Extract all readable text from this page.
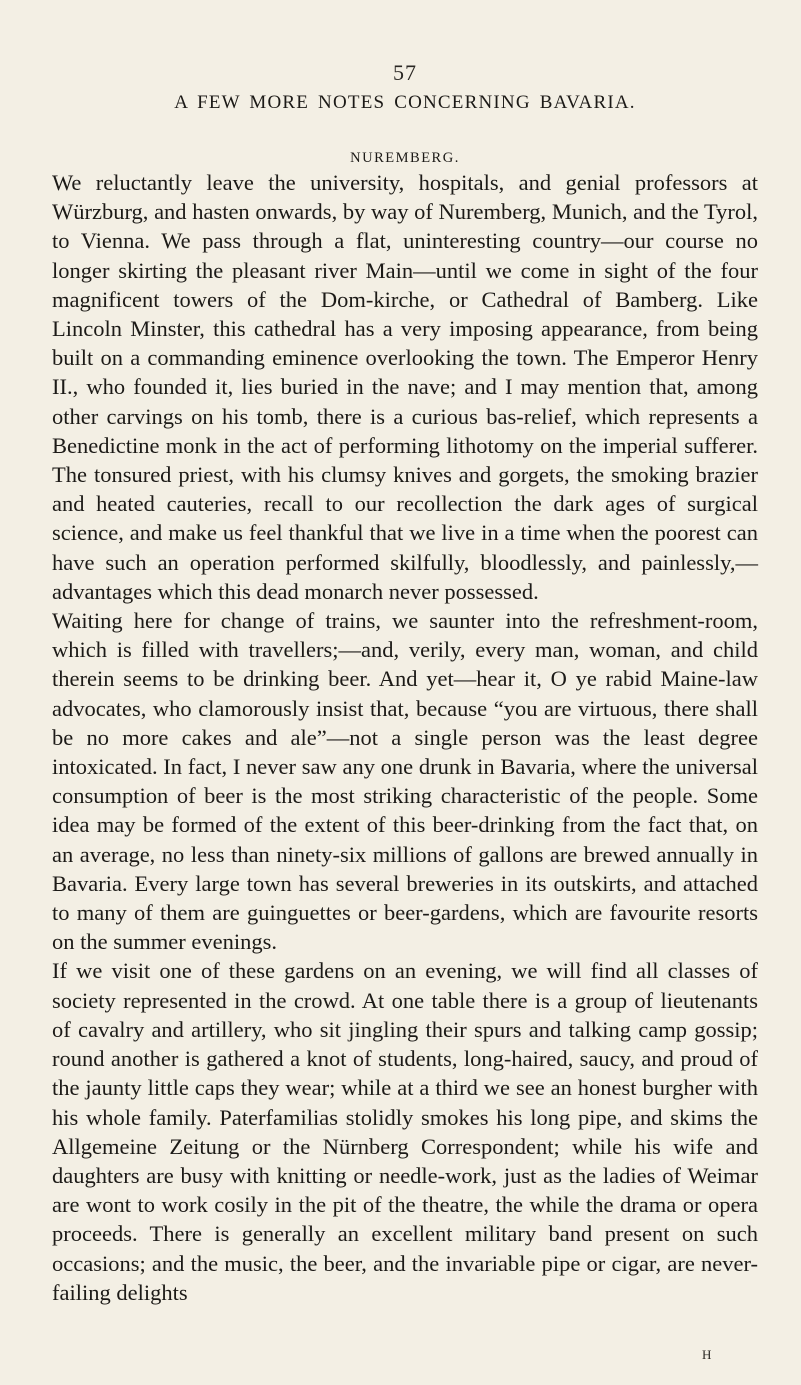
57
A FEW MORE NOTES CONCERNING BAVARIA.
NUREMBERG.

We reluctantly leave the university, hospitals, and genial professors at Würzburg, and hasten onwards, by way of Nuremberg, Munich, and the Tyrol, to Vienna. We pass through a flat, uninteresting country—our course no longer skirting the pleasant river Main—until we come in sight of the four magnificent towers of the Dom-kirche, or Cathedral of Bamberg. Like Lincoln Minster, this cathedral has a very imposing appearance, from being built on a commanding eminence overlooking the town. The Emperor Henry II., who founded it, lies buried in the nave; and I may mention that, among other carvings on his tomb, there is a curious bas-relief, which represents a Benedictine monk in the act of performing lithotomy on the imperial sufferer. The tonsured priest, with his clumsy knives and gorgets, the smoking brazier and heated cauteries, recall to our recollection the dark ages of surgical science, and make us feel thankful that we live in a time when the poorest can have such an operation performed skilfully, bloodlessly, and painlessly,—advantages which this dead monarch never possessed.

Waiting here for change of trains, we saunter into the refreshment-room, which is filled with travellers;—and, verily, every man, woman, and child therein seems to be drinking beer. And yet—hear it, O ye rabid Maine-law advocates, who clamorously insist that, because “you are virtuous, there shall be no more cakes and ale”—not a single person was the least degree intoxicated. In fact, I never saw any one drunk in Bavaria, where the universal consumption of beer is the most striking characteristic of the people. Some idea may be formed of the extent of this beer-drinking from the fact that, on an average, no less than ninety-six millions of gallons are brewed annually in Bavaria. Every large town has several breweries in its outskirts, and attached to many of them are guinguettes or beer-gardens, which are favourite resorts on the summer evenings.

If we visit one of these gardens on an evening, we will find all classes of society represented in the crowd. At one table there is a group of lieutenants of cavalry and artillery, who sit jingling their spurs and talking camp gossip; round another is gathered a knot of students, long-haired, saucy, and proud of the jaunty little caps they wear; while at a third we see an honest burgher with his whole family. Paterfamilias stolidly smokes his long pipe, and skims the Allgemeine Zeitung or the Nürnberg Correspondent; while his wife and daughters are busy with knitting or needle-work, just as the ladies of Weimar are wont to work cosily in the pit of the theatre, the while the drama or opera proceeds. There is generally an excellent military band present on such occasions; and the music, the beer, and the invariable pipe or cigar, are never-failing delights

H
